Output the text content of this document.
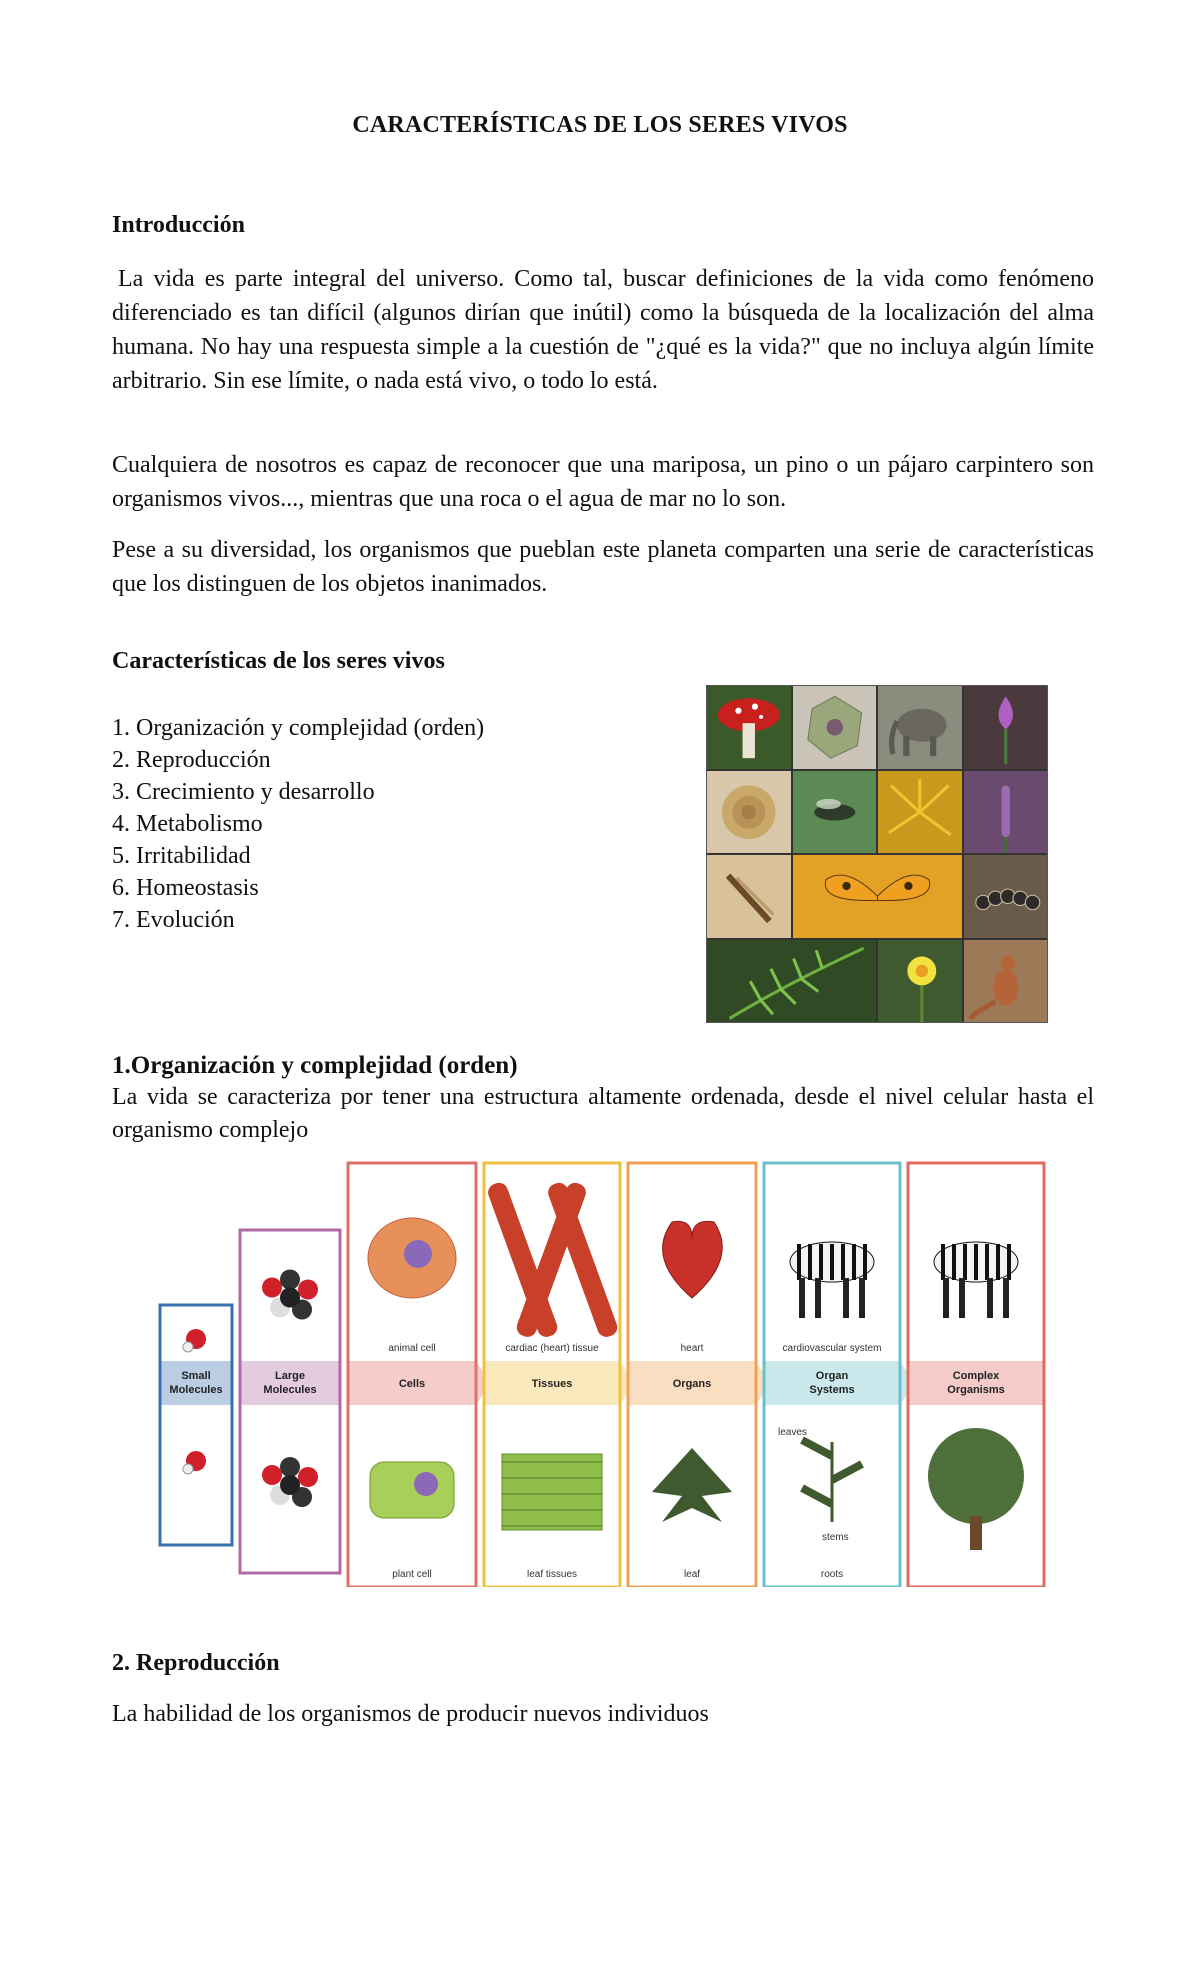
CARACTERÍSTICAS DE LOS SERES VIVOS
Introducción

La vida es parte integral del universo. Como tal, buscar definiciones de la vida como fenómeno diferenciado es tan difícil (algunos dirían que inútil) como la búsqueda de la localización del alma humana. No hay una respuesta simple a la cuestión de "¿qué es la vida?" que no incluya algún límite arbitrario. Sin ese límite, o nada está vivo, o todo lo está.

Cualquiera de nosotros es capaz de reconocer que una mariposa, un pino o un pájaro carpintero son organismos vivos..., mientras que una roca o el agua de mar no lo son.

Pese a su diversidad, los organismos que pueblan este planeta comparten una serie de características que los distinguen de los objetos inanimados.

Características de los seres vivos
1. Organización y complejidad (orden)
2. Reproducción
3. Crecimiento y desarrollo
4. Metabolismo
5. Irritabilidad
6. Homeostasis
7. Evolución
1.Organización y complejidad (orden)

La vida se caracteriza por tener una estructura altamente ordenada, desde el nivel celular hasta el organismo complejo

Small
Molecules
Large
Molecules	Cells
animal cell
plant cell
Tissues
cardiac (heart) tissue
leaf tissues
Organs
heart
leaf
Organ
Systems
cardiovascular system
roots
leaves
stems
Complex
Organisms
2. Reproducción

La habilidad de los organismos de producir nuevos individuos
